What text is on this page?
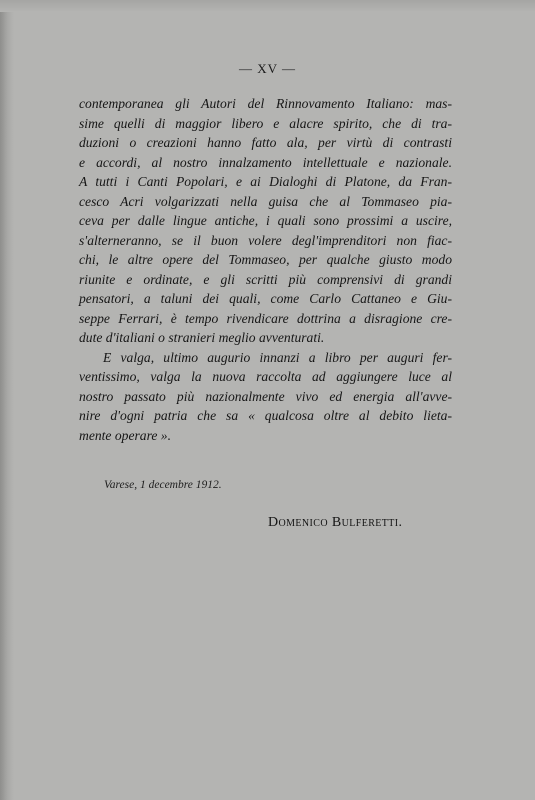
— XV —
contemporanea gli Autori del Rinnovamento Italiano: mas-
sime quelli di maggior libero e alacre spirito, che di tra-
duzioni o creazioni hanno fatto ala, per virtù di contrasti
e accordi, al nostro innalzamento intellettuale e nazionale.
A tutti i Canti Popolari, e ai Dialoghi di Platone, da Fran-
cesco Acri volgarizzati nella guisa che al Tommaseo pia-
ceva per dalle lingue antiche, i quali sono prossimi a uscire,
s'alterneranno, se il buon volere degl'imprenditori non fiac-
chi, le altre opere del Tommaseo, per qualche giusto modo
riunite e ordinate, e gli scritti più comprensivi di grandi
pensatori, a taluni dei quali, come Carlo Cattaneo e Giu-
seppe Ferrari, è tempo rivendicare dottrina a disragione cre-
dute d'italiani o stranieri meglio avventurati.
E valga, ultimo augurio innanzi a libro per auguri fer-
ventissimo, valga la nuova raccolta ad aggiungere luce al
nostro passato più nazionalmente vivo ed energia all'avve-
nire d'ogni patria che sa « qualcosa oltre al debito lieta-
mente operare ».
Varese, 1 decembre 1912.
Domenico Bulferetti.
